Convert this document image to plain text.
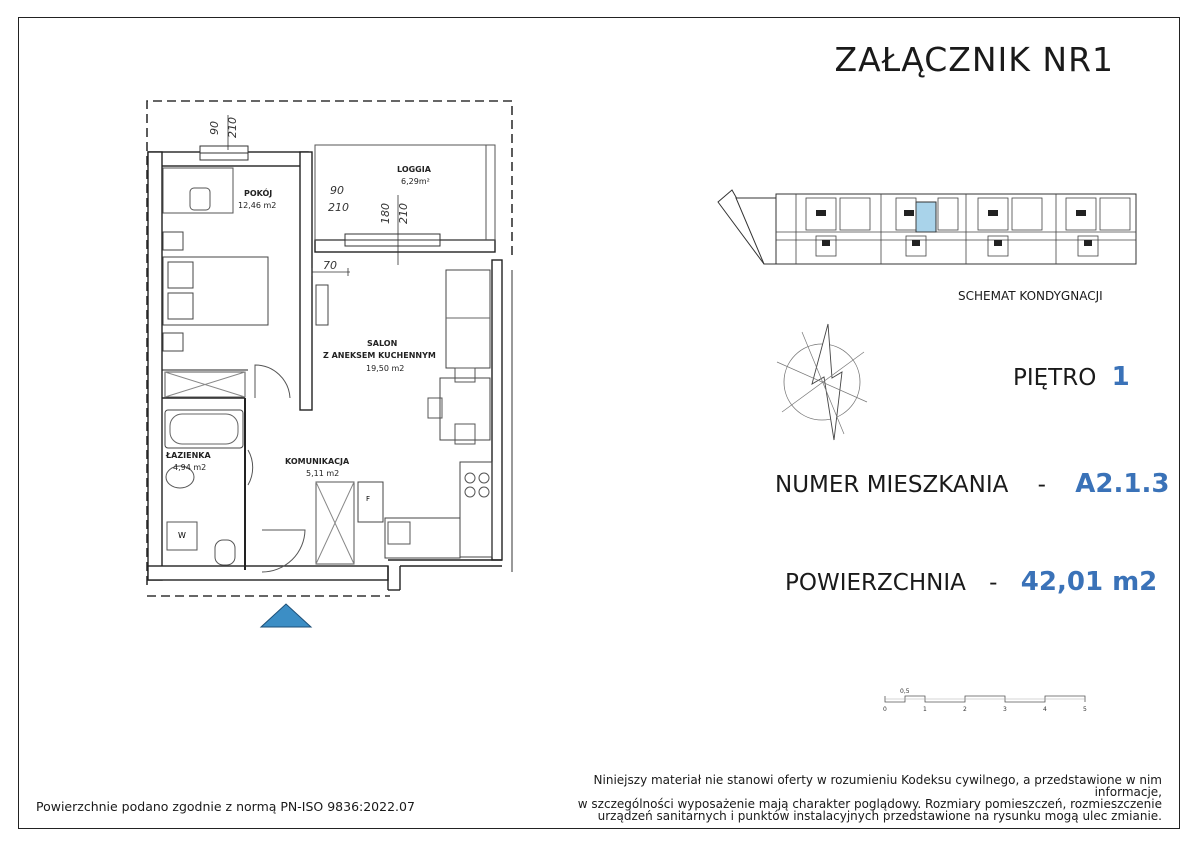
ZAŁĄCZNIK NR1
POKÓJ
12,46 m2
LOGGIA
6,29m²
SALON
Z ANEKSEM KUCHENNYM
19,50 m2
ŁAZIENKA
4,94 m2
KOMUNIKACJA
5,11 m2
90 210
90
210	180 210
70
F
W
SCHEMAT KONDYGNACJI
PIĘTRO 1
NUMER MIESZKANIA - A2.1.3
POWIERZCHNIA - 42,01 m2
0,5
0	1	2	3	4	5
Powierzchnie podano zgodnie z normą PN-ISO 9836:2022.07
Niniejszy materiał nie stanowi oferty w rozumieniu Kodeksu cywilnego, a przedstawione w nim informacje,
w szczególności wyposażenie mają charakter poglądowy. Rozmiary pomieszczeń, rozmieszczenie
urządzeń sanitarnych i punktów instalacyjnych przedstawione na rysunku mogą ulec zmianie.
